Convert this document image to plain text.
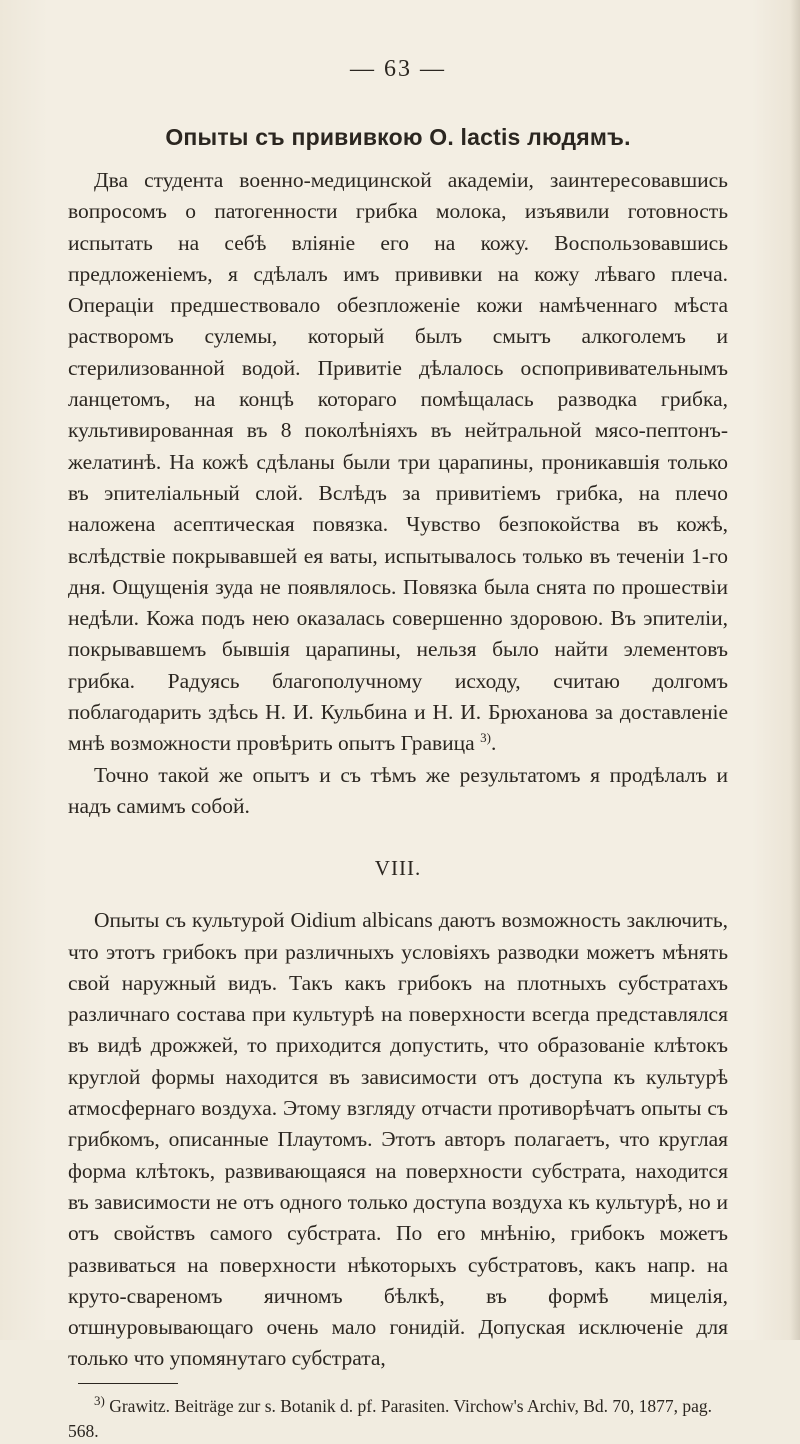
— 63 —
Опыты съ прививкою O. lactis людямъ.

Два студента военно-медицинской академіи, заинтересовавшись вопросомъ о патогенности грибка молока, изъявили готовность испытать на себѣ вліяніе его на кожу. Воспользовавшись предложеніемъ, я сдѣлалъ имъ прививки на кожу лѣваго плеча. Операціи предшествовало обезпложеніе кожи намѣченнаго мѣста растворомъ сулемы, который былъ смытъ алкоголемъ и стерилизованной водой. Привитіе дѣлалось оспопрививательнымъ ланцетомъ, на концѣ котораго помѣщалась разводка грибка, культивированная въ 8 поколѣніяхъ въ нейтральной мясо-пептонъ-желатинѣ. На кожѣ сдѣланы были три царапины, проникавшія только въ эпителіальный слой. Вслѣдъ за привитіемъ грибка, на плечо наложена асептическая повязка. Чувство безпокойства въ кожѣ, вслѣдствіе покрывавшей ея ваты, испытывалось только въ теченіи 1-го дня. Ощущенія зуда не появлялось. Повязка была снята по прошествіи недѣли. Кожа подъ нею оказалась совершенно здоровою. Въ эпителіи, покрывавшемъ бывшія царапины, нельзя было найти элементовъ грибка. Радуясь благополучному исходу, считаю долгомъ поблагодарить здѣсь Н. И. Кульбина и Н. И. Брюханова за доставленіе мнѣ возможности провѣрить опытъ Гравица $^{3)}$.

Точно такой же опытъ и съ тѣмъ же результатомъ я продѣлалъ и надъ самимъ собой.

VIII.

Опыты съ культурой Oidium albicans даютъ возможность заключить, что этотъ грибокъ при различныхъ условіяхъ разводки можетъ мѣнять свой наружный видъ. Такъ какъ грибокъ на плотныхъ субстратахъ различнаго состава при культурѣ на поверхности всегда представлялся въ видѣ дрожжей, то приходится допустить, что образованіе клѣтокъ круглой формы находится въ зависимости отъ доступа къ культурѣ атмосфернаго воздуха. Этому взгляду отчасти противорѣчатъ опыты съ грибкомъ, описанные Плаутомъ. Этотъ авторъ полагаетъ, что круглая форма клѣтокъ, развивающаяся на поверхности субстрата, находится въ зависимости не отъ одного только доступа воздуха къ культурѣ, но и отъ свойствъ самого субстрата. По его мнѣнію, грибокъ можетъ развиваться на поверхности нѣкоторыхъ субстратовъ, какъ напр. на круто-свареномъ яичномъ бѣлкѣ, въ формѣ мицелія, отшнуровывающаго очень мало гонидій. Допуская исключеніе для только что упомянутаго субстрата,

$^{3)}$ Grawitz. Beiträge zur s. Botanik d. pf. Parasiten. Virchow's Archiv, Bd. 70, 1877, pag. 568.
